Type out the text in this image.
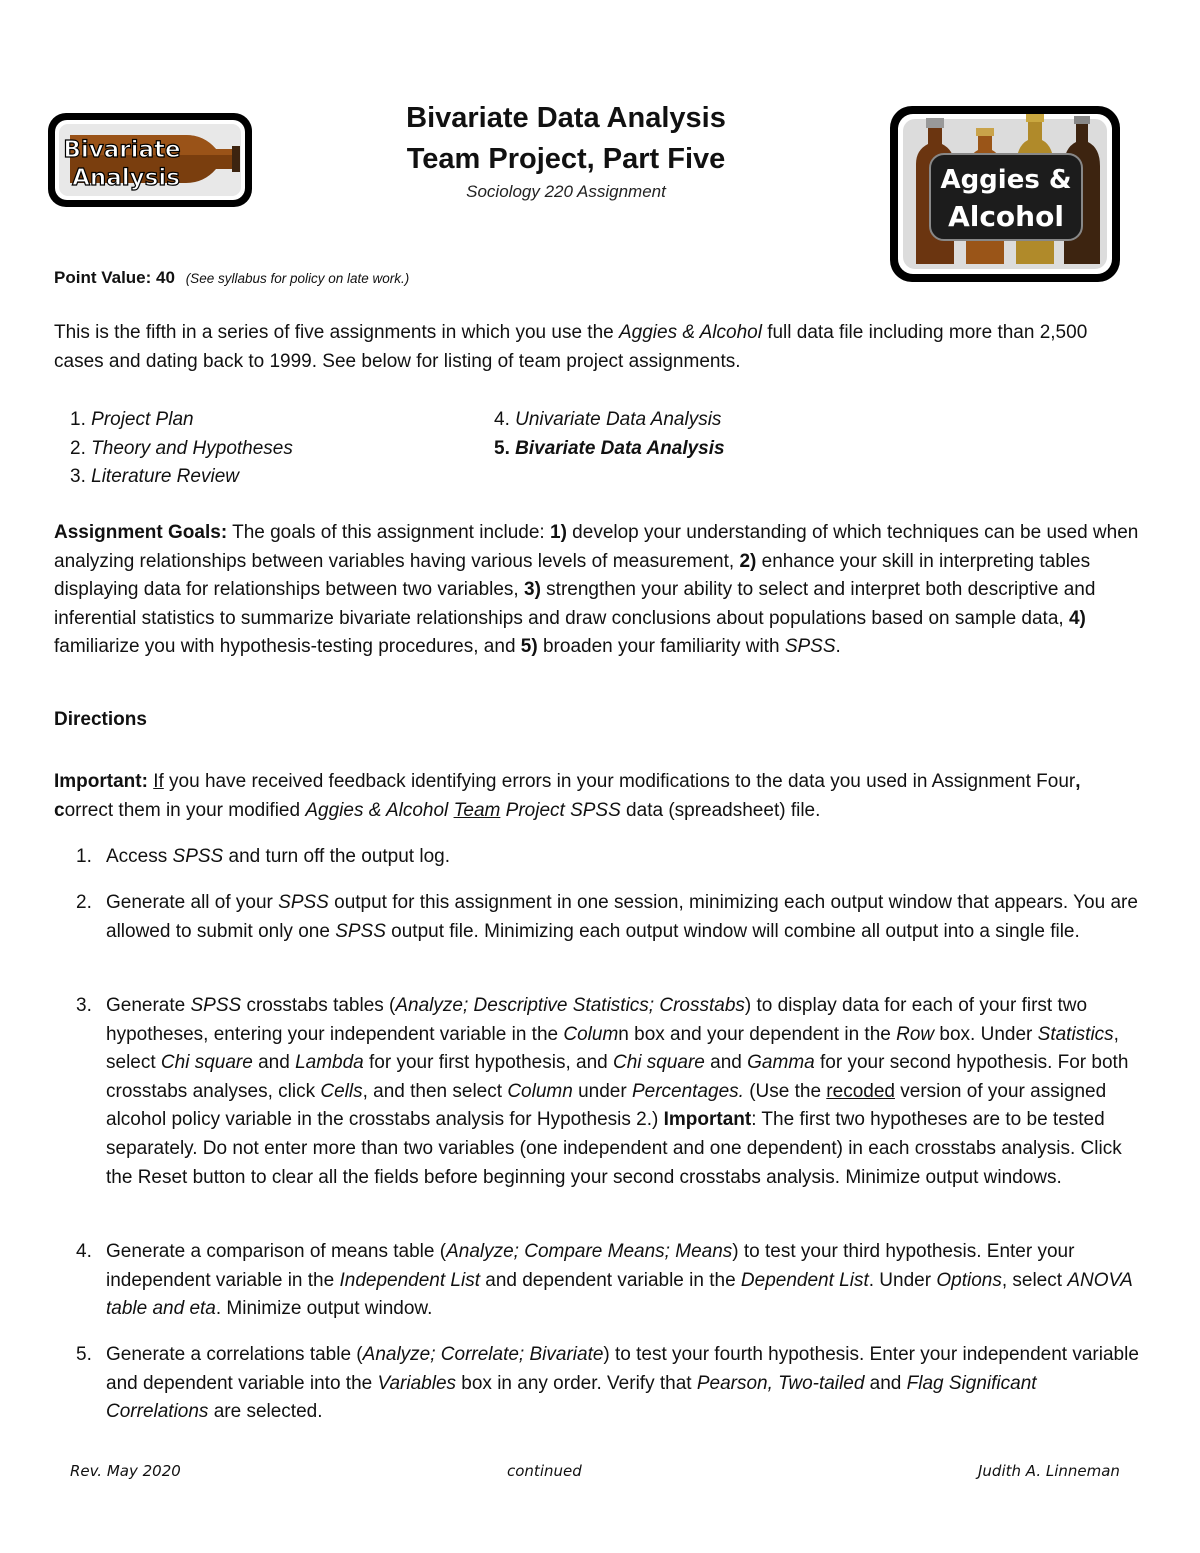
Bivariate
Analysis
Bivariate Data Analysis
Team Project, Part Five
Sociology 220 Assignment	Aggies &
Alcohol
Point Value: 40 (See syllabus for policy on late work.)
This is the fifth in a series of five assignments in which you use the Aggies & Alcohol full data file including more than 2,500 cases and dating back to 1999. See below for listing of team project assignments.
1. Project Plan
2. Theory and Hypotheses
3. Literature Review
4. Univariate Data Analysis
5. Bivariate Data Analysis
Assignment Goals: The goals of this assignment include: 1) develop your understanding of which techniques can be used when analyzing relationships between variables having various levels of measurement, 2) enhance your skill in interpreting tables displaying data for relationships between two variables, 3) strengthen your ability to select and interpret both descriptive and inferential statistics to summarize bivariate relationships and draw conclusions about populations based on sample data, 4) familiarize you with hypothesis-testing procedures, and 5) broaden your familiarity with SPSS.
Directions
Important: If you have received feedback identifying errors in your modifications to the data you used in Assignment Four, correct them in your modified Aggies & Alcohol Team Project SPSS data (spreadsheet) file.
1. Access SPSS and turn off the output log.
2. Generate all of your SPSS output for this assignment in one session, minimizing each output window that appears. You are allowed to submit only one SPSS output file. Minimizing each output window will combine all output into a single file.
3. Generate SPSS crosstabs tables (Analyze; Descriptive Statistics; Crosstabs) to display data for each of your first two hypotheses, entering your independent variable in the Column box and your dependent in the Row box. Under Statistics, select Chi square and Lambda for your first hypothesis, and Chi square and Gamma for your second hypothesis. For both crosstabs analyses, click Cells, and then select Column under Percentages. (Use the recoded version of your assigned alcohol policy variable in the crosstabs analysis for Hypothesis 2.) Important: The first two hypotheses are to be tested separately. Do not enter more than two variables (one independent and one dependent) in each crosstabs analysis. Click the Reset button to clear all the fields before beginning your second crosstabs analysis. Minimize output windows.
4. Generate a comparison of means table (Analyze; Compare Means; Means) to test your third hypothesis. Enter your independent variable in the Independent List and dependent variable in the Dependent List. Under Options, select ANOVA table and eta. Minimize output window.
5. Generate a correlations table (Analyze; Correlate; Bivariate) to test your fourth hypothesis. Enter your independent variable and dependent variable into the Variables box in any order. Verify that Pearson, Two-tailed and Flag Significant Correlations are selected.
Rev. May 2020	continued	Judith A. Linneman
